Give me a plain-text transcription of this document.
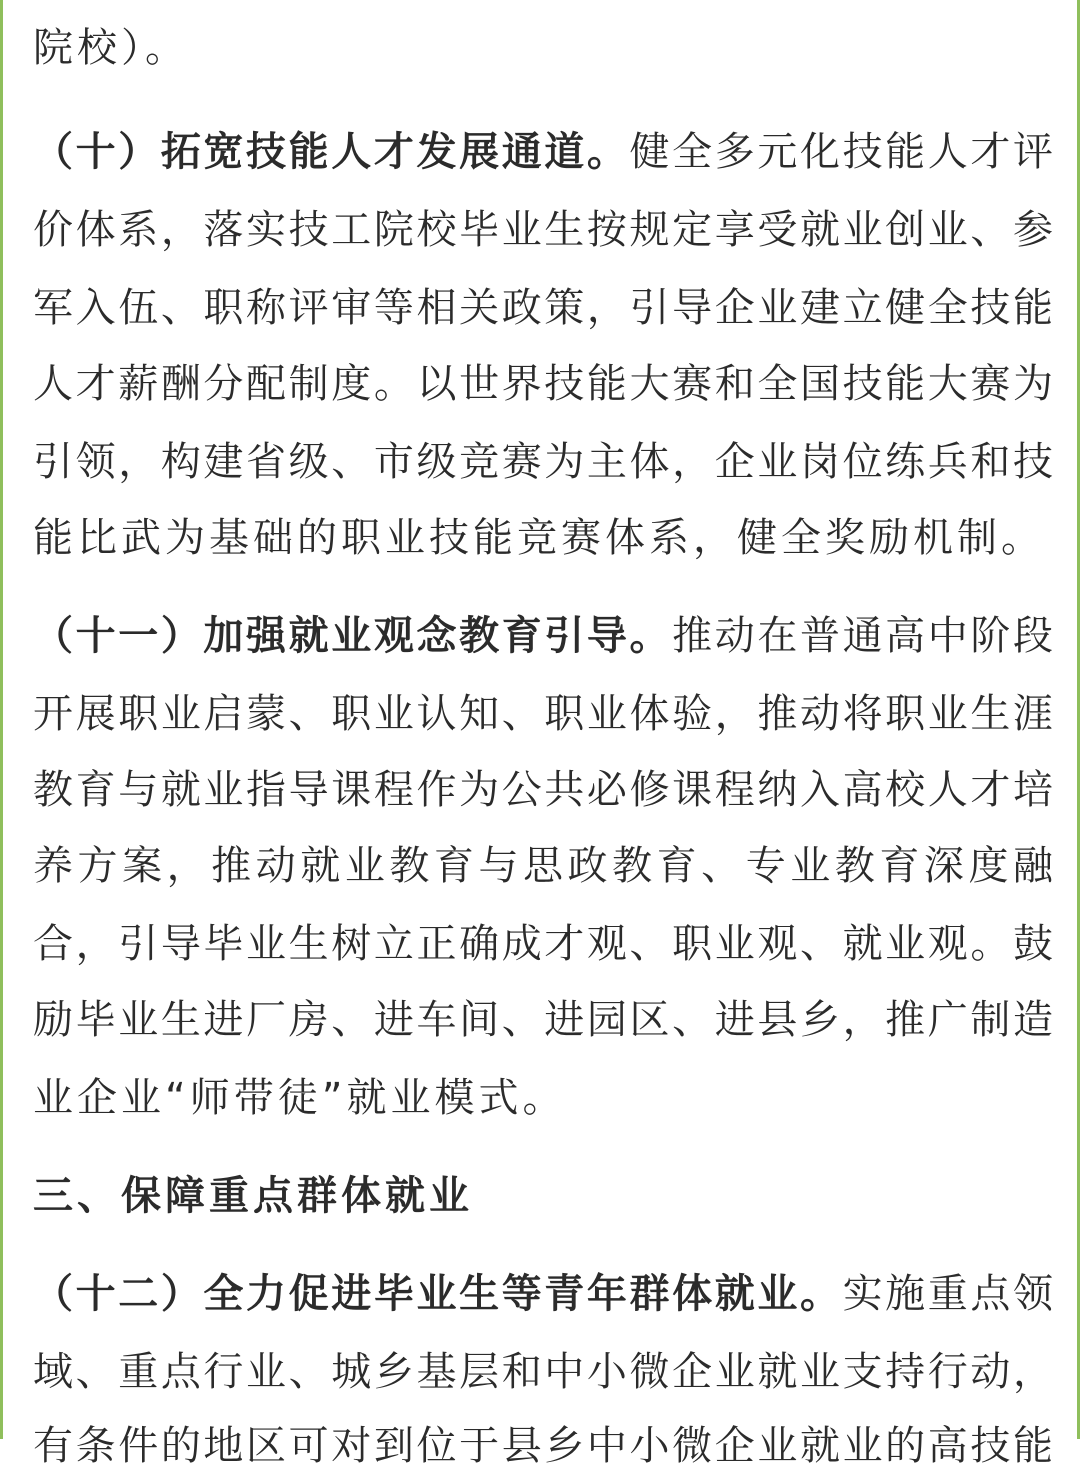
院校）。
（十）拓宽技能人才发展通道。健全多元化技能人才评
价体系，落实技工院校毕业生按规定享受就业创业、参
军入伍、职称评审等相关政策，引导企业建立健全技能
人才薪酬分配制度。以世界技能大赛和全国技能大赛为
引领，构建省级、市级竞赛为主体，企业岗位练兵和技
能比武为基础的职业技能竞赛体系，健全奖励机制。
（十一）加强就业观念教育引导。推动在普通高中阶段
开展职业启蒙、职业认知、职业体验，推动将职业生涯
教育与就业指导课程作为公共必修课程纳入高校人才培
养方案，推动就业教育与思政教育、专业教育深度融
合，引导毕业生树立正确成才观、职业观、就业观。鼓
励毕业生进厂房、进车间、进园区、进县乡，推广制造
业企业“师带徒”就业模式。
三、保障重点群体就业
（十二）全力促进毕业生等青年群体就业。实施重点领
域、重点行业、城乡基层和中小微企业就业支持行动，
有条件的地区可对到位于县乡中小微企业就业的高技能
